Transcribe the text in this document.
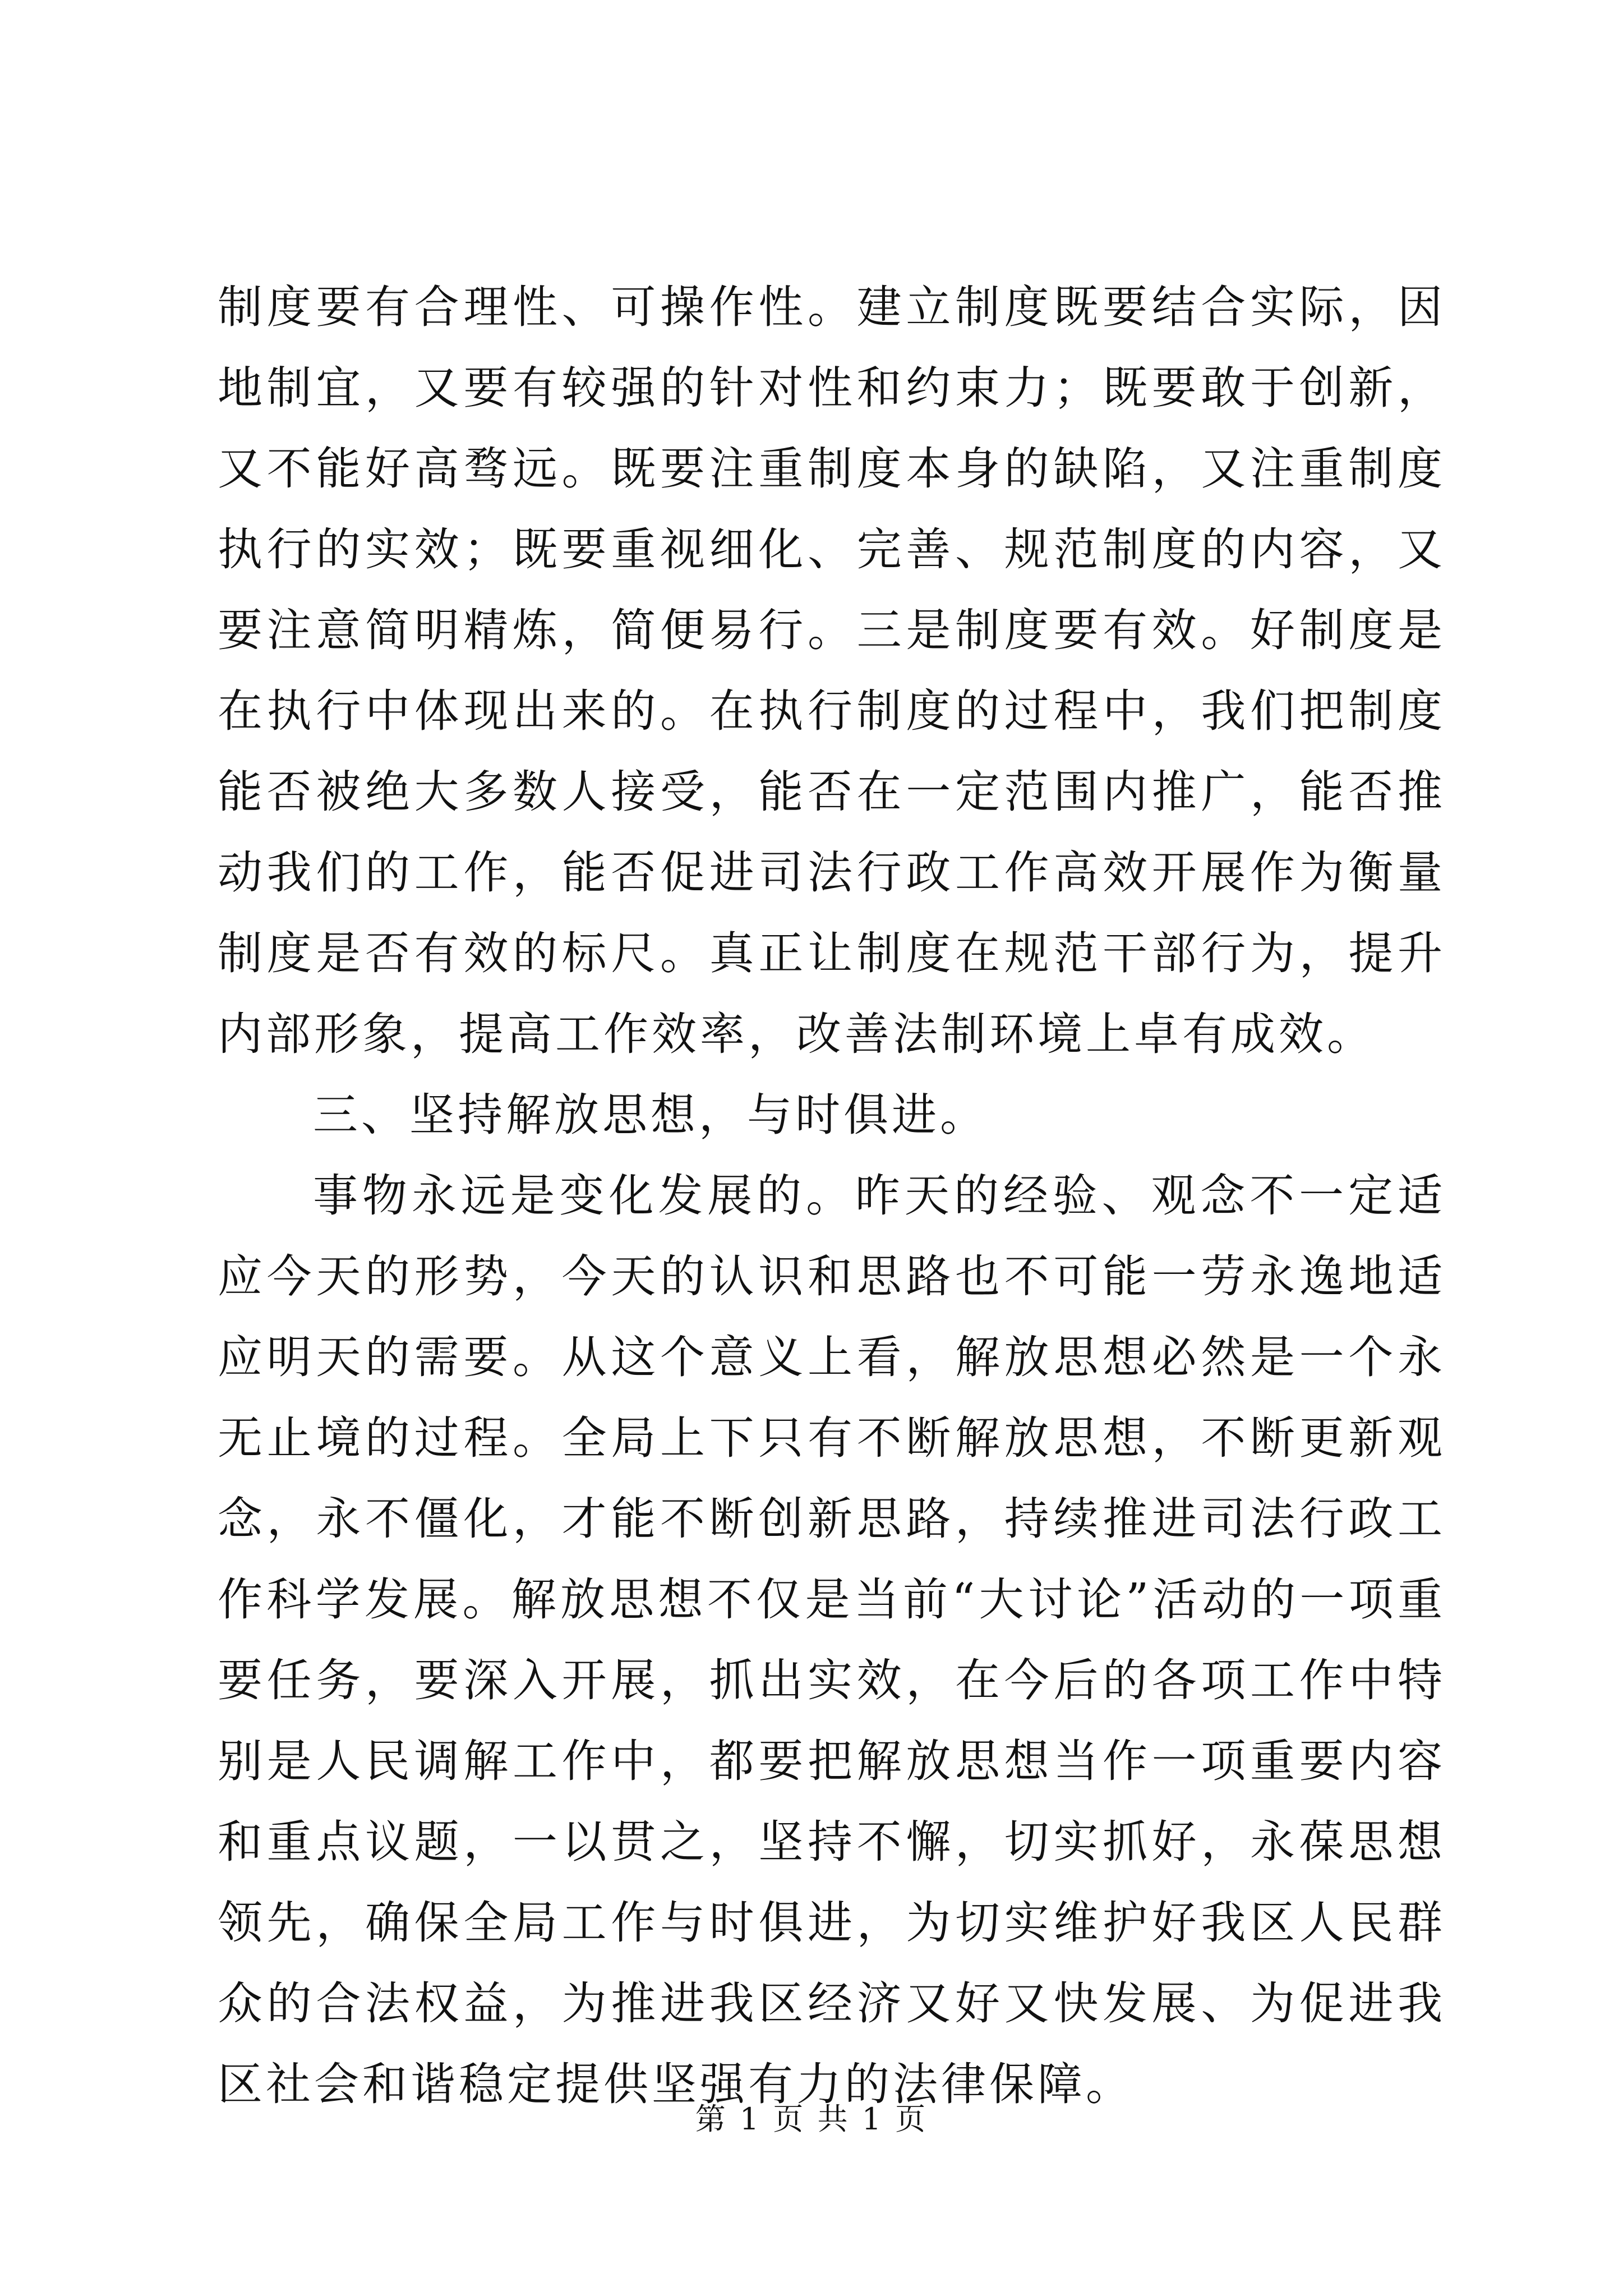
制度要有合理性、可操作性。建立制度既要结合实际，因地制宜，又要有较强的针对性和约束力；既要敢于创新，又不能好高骛远。既要注重制度本身的缺陷，又注重制度执行的实效；既要重视细化、完善、规范制度的内容，又要注意简明精炼，简便易行。三是制度要有效。好制度是在执行中体现出来的。在执行制度的过程中，我们把制度能否被绝大多数人接受，能否在一定范围内推广，能否推动我们的工作，能否促进司法行政工作高效开展作为衡量制度是否有效的标尺。真正让制度在规范干部行为，提升内部形象，提高工作效率，改善法制环境上卓有成效。

三、坚持解放思想，与时俱进。

事物永远是变化发展的。昨天的经验、观念不一定适应今天的形势，今天的认识和思路也不可能一劳永逸地适应明天的需要。从这个意义上看，解放思想必然是一个永无止境的过程。全局上下只有不断解放思想，不断更新观念，永不僵化，才能不断创新思路，持续推进司法行政工作科学发展。解放思想不仅是当前“大讨论”活动的一项重要任务，要深入开展，抓出实效，在今后的各项工作中特别是人民调解工作中，都要把解放思想当作一项重要内容和重点议题，一以贯之，坚持不懈，切实抓好，永葆思想领先，确保全局工作与时俱进，为切实维护好我区人民群众的合法权益，为推进我区经济又好又快发展、为促进我区社会和谐稳定提供坚强有力的法律保障。

第 1 页 共 1 页
